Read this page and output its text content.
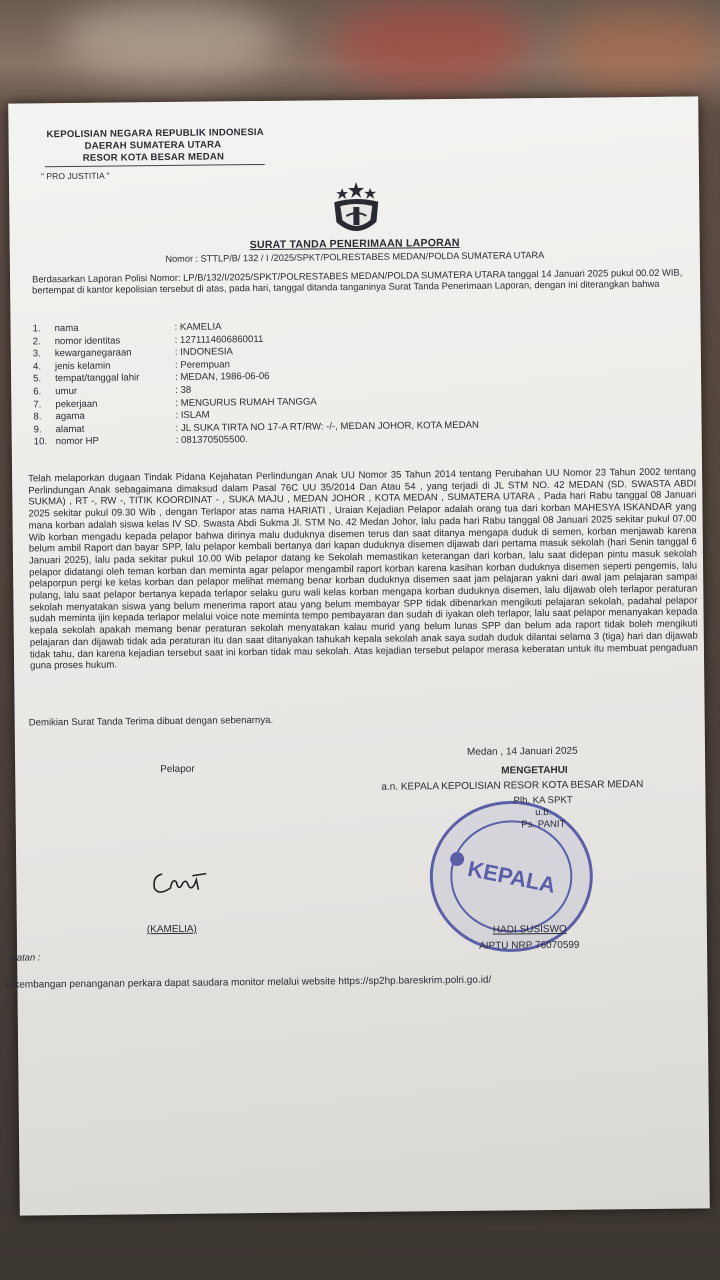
KEPOLISIAN NEGARA REPUBLIK INDONESIA
DAERAH SUMATERA UTARA
RESOR KOTA BESAR MEDAN
" PRO JUSTITIA "
SURAT TANDA PENERIMAAN LAPORAN
Nomor : STTLP/B/ 132 / I /2025/SPKT/POLRESTABES MEDAN/POLDA SUMATERA UTARA
Berdasarkan Laporan Polisi Nomor: LP/B/132/I/2025/SPKT/POLRESTABES MEDAN/POLDA SUMATERA UTARA tanggal 14 Januari 2025 pukul 00.02 WIB, bertempat di kantor kepolisian tersebut di atas, pada hari, tanggal ditanda tanganinya Surat Tanda Penerimaan Laporan, dengan ini diterangkan bahwa
1.	nama	: KAMELIA
2.	nomor identitas	: 1271114606860011
3.	kewarganegaraan	: INDONESIA
4.	jenis kelamin	: Perempuan
5.	tempat/tanggal lahir	: MEDAN, 1986-06-06
6.	umur	: 38
7.	pekerjaan	: MENGURUS RUMAH TANGGA
8.	agama	: ISLAM
9.	alamat	: JL SUKA TIRTA NO 17-A RT/RW: -/-, MEDAN JOHOR, KOTA MEDAN
10. nomor HP	: 081370505500.
Telah melaporkan dugaan Tindak Pidana Kejahatan Perlindungan Anak UU Nomor 35 Tahun 2014 tentang Perubahan UU Nomor 23 Tahun 2002 tentang Perlindungan Anak sebagaimana dimaksud dalam Pasal 76C UU 35/2014 Dan Atau 54 , yang terjadi di JL STM NO. 42 MEDAN (SD. SWASTA ABDI SUKMA) , RT -, RW -, TITIK KOORDINAT - , SUKA MAJU , MEDAN JOHOR , KOTA MEDAN , SUMATERA UTARA , Pada hari Rabu tanggal 08 Januari 2025 sekitar pukul 09.30 Wib , dengan Terlapor atas nama HARIATI , Uraian Kejadian Pelapor adalah orang tua dari korban MAHESYA ISKANDAR yang mana korban adalah siswa kelas IV SD. Swasta Abdi Sukma Jl. STM No. 42 Medan Johor, lalu pada hari Rabu tanggal 08 Januari 2025 sekitar pukul 07.00 Wib korban mengadu kepada pelapor bahwa dirinya malu duduknya disemen terus dan saat ditanya mengapa duduk di semen, korban menjawab karena belum ambil Raport dan bayar SPP, lalu pelapor kembali bertanya dari kapan duduknya disemen dijawab dari pertama masuk sekolah (hari Senin tanggal 6 Januari 2025), lalu pada sekitar pukul 10.00 Wib pelapor datang ke Sekolah memastikan keterangan dari korban, lalu saat didepan pintu masuk sekolah pelapor didatangi oleh teman korban dan meminta agar pelapor mengambil raport korban karena kasihan korban duduknya disemen seperti pengemis, lalu pelaporpun pergi ke kelas korban dan pelapor melihat memang benar korban duduknya disemen saat jam pelajaran yakni dari awal jam pelajaran sampai pulang, lalu saat pelapor bertanya kepada terlapor selaku guru wali kelas korban mengapa korban duduknya disemen, lalu dijawab oleh terlapor peraturan sekolah menyatakan siswa yang belum menerima raport atau yang belum membayar SPP tidak dibenarkan mengikuti pelajaran sekolah, padahal pelapor sudah meminta ijin kepada terlapor melalui voice note meminta tempo pembayaran dan sudah di iyakan oleh terlapor, lalu saat pelapor menanyakan kepada kepala sekolah apakah memang benar peraturan sekolah menyatakan kalau murid yang belum lunas SPP dan belum ada raport tidak boleh mengikuti pelajaran dan dijawab tidak ada peraturan itu dan saat ditanyakan tahukah kepala sekolah anak saya sudah duduk dilantai selama 3 (tiga) hari dan dijawab tidak tahu, dan karena kejadian tersebut saat ini korban tidak mau sekolah. Atas kejadian tersebut pelapor merasa keberatan untuk itu membuat pengaduan guna proses hukum.
Demikian Surat Tanda Terima dibuat dengan sebenarnya.
Medan , 14 Januari 2025
Pelapor	MENGETAHUI
a.n. KEPALA KEPOLISIAN RESOR KOTA BESAR MEDAN
KEPALA
Plh. KA SPKT
u.b.
Ps. PANIT
(KAMELIA)	HADI SUSISWO
AIPTU NRP 76070599
atatan :
erkembangan penanganan perkara dapat saudara monitor melalui website https://sp2hp.bareskrim.polri.go.id/
